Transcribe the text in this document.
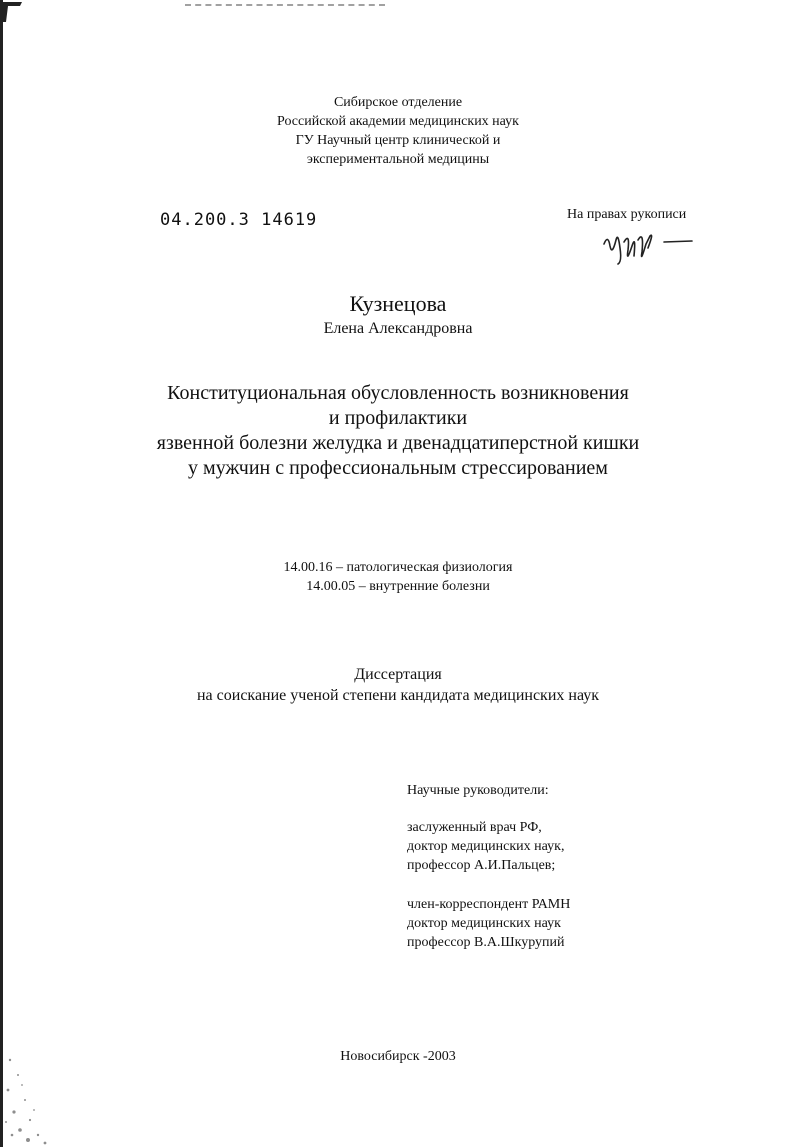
Сибирское отделение
Российской академии медицинских наук
ГУ Научный центр клинической и
экспериментальной медицины
04.200.3 14619	На правах рукописи
Кузнецова
Елена Александровна
Конституциональная обусловленность возникновения
и профилактики
язвенной болезни желудка и двенадцатиперстной кишки
у мужчин с профессиональным стрессированием
14.00.16 – патологическая физиология
14.00.05 – внутренние болезни
Диссертация
на соискание ученой степени кандидата медицинских наук
Научные руководители:
заслуженный врач РФ,
доктор медицинских наук,
профессор А.И.Пальцев;
член-корреспондент РАМН
доктор медицинских наук
профессор В.А.Шкурупий
Новосибирск -2003
